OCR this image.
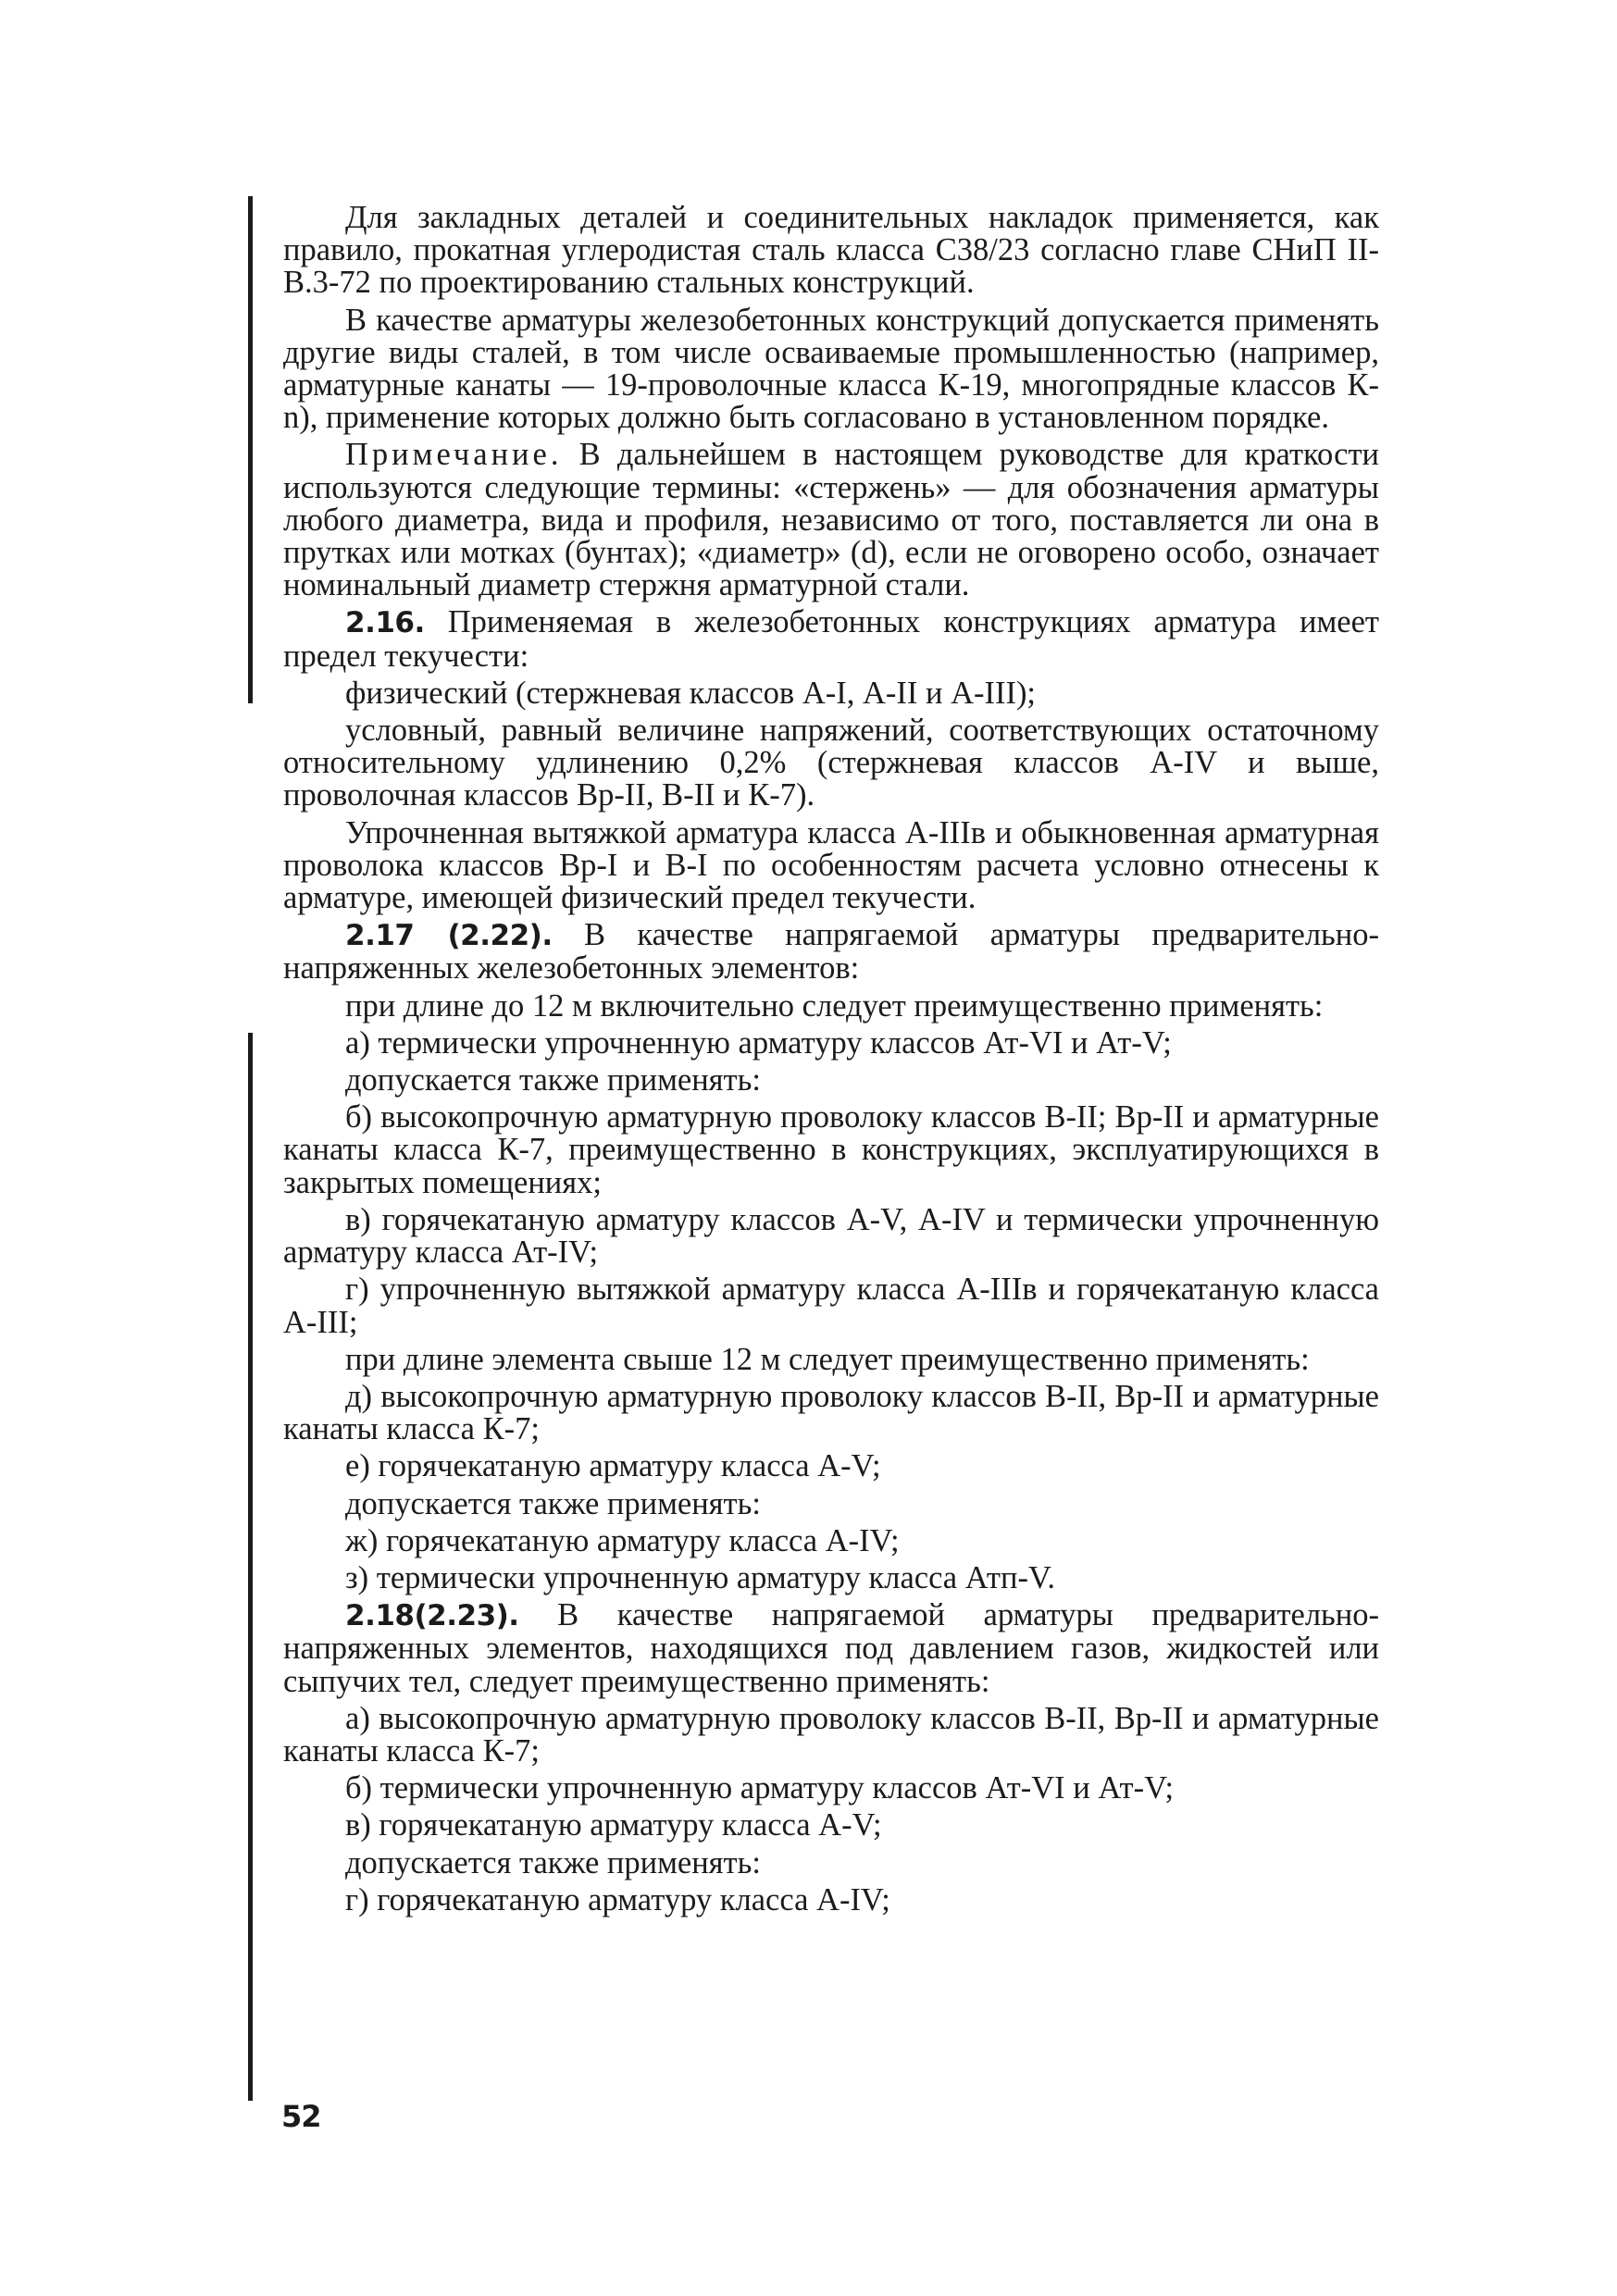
Для закладных деталей и соединительных накладок применяется, как правило, прокатная углеродистая сталь класса С38/23 согласно главе СНиП II-В.3-72 по проектированию стальных конструкций.

В качестве арматуры железобетонных конструкций допускается применять другие виды сталей, в том числе осваиваемые промышленностью (например, арматурные канаты — 19-проволочные класса К-19, многопрядные классов К-n), применение которых должно быть согласовано в установленном порядке.

Примечание. В дальнейшем в настоящем руководстве для краткости используются следующие термины: «стержень» — для обозначения арматуры любого диаметра, вида и профиля, независимо от того, поставляется ли она в прутках или мотках (бунтах); «диаметр» (d), если не оговорено особо, означает номинальный диаметр стержня арматурной стали.

2.16. Применяемая в железобетонных конструкциях арматура имеет предел текучести:

физический (стержневая классов А-I, А-II и А-III);

условный, равный величине напряжений, соответствующих остаточному относительному удлинению 0,2% (стержневая классов А-IV и выше, проволочная классов Вр-II, В-II и К-7).

Упрочненная вытяжкой арматура класса А-IIIв и обыкновенная арматурная проволока классов Вр-I и В-I по особенностям расчета условно отнесены к арматуре, имеющей физический предел текучести.

2.17 (2.22). В качестве напрягаемой арматуры предварительно-напряженных железобетонных элементов:

при длине до 12 м включительно следует преимущественно применять:

а) термически упрочненную арматуру классов Ат-VI и Ат-V;

допускается также применять:

б) высокопрочную арматурную проволоку классов В-II; Вр-II и арматурные канаты класса К-7, преимущественно в конструкциях, эксплуатирующихся в закрытых помещениях;

в) горячекатаную арматуру классов А-V, А-IV и термически упрочненную арматуру класса Ат-IV;

г) упрочненную вытяжкой арматуру класса А-IIIв и горячекатаную класса А-III;

при длине элемента свыше 12 м следует преимущественно применять:

д) высокопрочную арматурную проволоку классов В-II, Вр-II и арматурные канаты класса К-7;

е) горячекатаную арматуру класса А-V;

допускается также применять:

ж) горячекатаную арматуру класса А-IV;

з) термически упрочненную арматуру класса Атп-V.

2.18(2.23). В качестве напрягаемой арматуры предварительно-напряженных элементов, находящихся под давлением газов, жидкостей или сыпучих тел, следует преимущественно применять:

а) высокопрочную арматурную проволоку классов В-II, Вр-II и арматурные канаты класса К-7;

б) термически упрочненную арматуру классов Ат-VI и Ат-V;

в) горячекатаную арматуру класса А-V;

допускается также применять:

г) горячекатаную арматуру класса А-IV;

52
